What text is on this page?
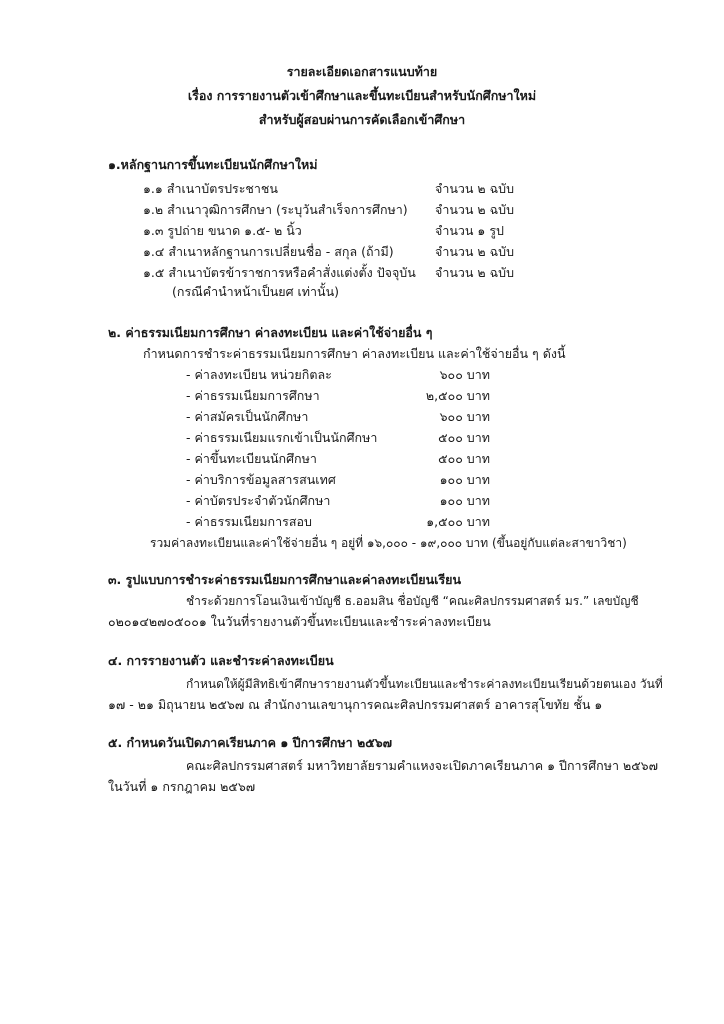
รายละเอียดเอกสารแนบท้าย
เรื่อง การรายงานตัวเข้าศึกษาและขึ้นทะเบียนสำหรับนักศึกษาใหม่
สำหรับผู้สอบผ่านการคัดเลือกเข้าศึกษา
๑.หลักฐานการขึ้นทะเบียนนักศึกษาใหม่
๑.๑ สำเนาบัตรประชาชน	จำนวน ๒ ฉบับ
๑.๒ สำเนาวุฒิการศึกษา (ระบุวันสำเร็จการศึกษา) จำนวน ๒ ฉบับ
๑.๓ รูปถ่าย ขนาด ๑.๕- ๒ นิ้ว	จำนวน ๑ รูป
๑.๔ สำเนาหลักฐานการเปลี่ยนชื่อ - สกุล (ถ้ามี)	จำนวน ๒ ฉบับ
๑.๕ สำเนาบัตรข้าราชการหรือคำสั่งแต่งตั้ง ปัจจุบัน จำนวน ๒ ฉบับ
(กรณีคำนำหน้าเป็นยศ เท่านั้น)
๒. ค่าธรรมเนียมการศึกษา ค่าลงทะเบียน และค่าใช้จ่ายอื่น ๆ
กำหนดการชำระค่าธรรมเนียมการศึกษา ค่าลงทะเบียน และค่าใช้จ่ายอื่น ๆ ดังนี้
- ค่าลงทะเบียน หน่วยกิตละ	๖๐๐ บาท
- ค่าธรรมเนียมการศึกษา	๒,๕๐๐ บาท
- ค่าสมัครเป็นนักศึกษา	๖๐๐ บาท
- ค่าธรรมเนียมแรกเข้าเป็นนักศึกษา	๕๐๐ บาท
- ค่าขึ้นทะเบียนนักศึกษา	๕๐๐ บาท
- ค่าบริการข้อมูลสารสนเทศ	๑๐๐ บาท
- ค่าบัตรประจำตัวนักศึกษา	๑๐๐ บาท
- ค่าธรรมเนียมการสอบ	๑,๕๐๐ บาท
รวมค่าลงทะเบียนและค่าใช้จ่ายอื่น ๆ อยู่ที่ ๑๖,๐๐๐ - ๑๙,๐๐๐ บาท (ขึ้นอยู่กับแต่ละสาขาวิชา)
๓. รูปแบบการชำระค่าธรรมเนียมการศึกษาและค่าลงทะเบียนเรียน
ชำระด้วยการโอนเงินเข้าบัญชี ธ.ออมสิน ชื่อบัญชี “คณะศิลปกรรมศาสตร์ มร.” เลขบัญชี
๐๒๐๑๔๒๗๐๕๐๐๑ ในวันที่รายงานตัวขึ้นทะเบียนและชำระค่าลงทะเบียน
๔. การรายงานตัว และชำระค่าลงทะเบียน
กำหนดให้ผู้มีสิทธิเข้าศึกษารายงานตัวขึ้นทะเบียนและชำระค่าลงทะเบียนเรียนด้วยตนเอง วันที่
๑๗ - ๒๑ มิถุนายน ๒๕๖๗ ณ สำนักงานเลขานุการคณะศิลปกรรมศาสตร์ อาคารสุโขทัย ชั้น ๑
๕. กำหนดวันเปิดภาคเรียนภาค ๑ ปีการศึกษา ๒๕๖๗
คณะศิลปกรรมศาสตร์ มหาวิทยาลัยรามคำแหงจะเปิดภาคเรียนภาค ๑ ปีการศึกษา ๒๕๖๗
ในวันที่ ๑ กรกฎาคม ๒๕๖๗
